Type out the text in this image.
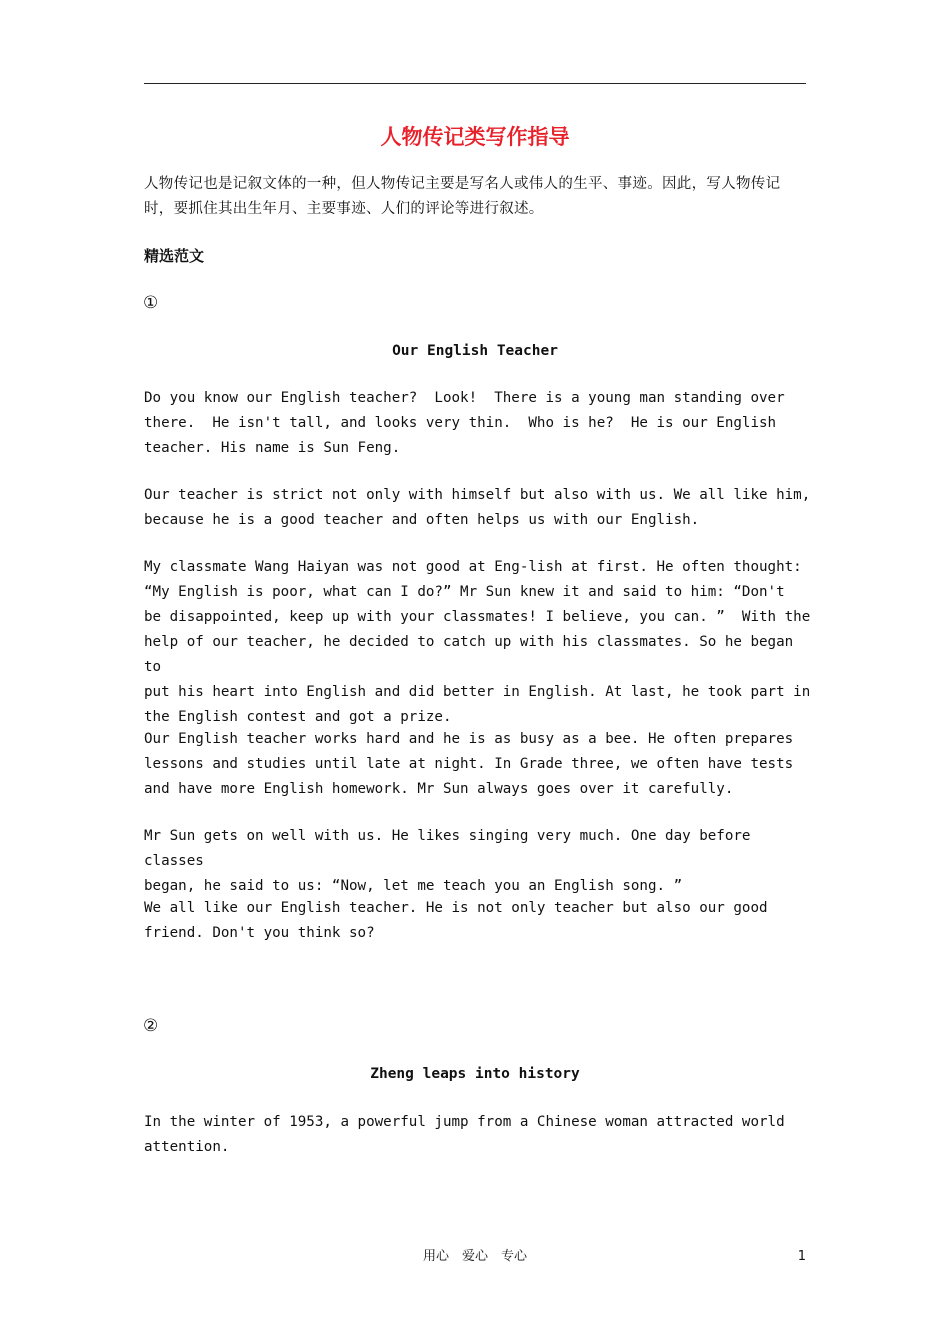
人物传记类写作指导

人物传记也是记叙文体的一种，但人物传记主要是写名人或伟人的生平、事迹。因此，写人物传记时，要抓住其出生年月、主要事迹、人们的评论等进行叙述。

精选范文
①
Our English Teacher

Do you know our English teacher?  Look!  There is a young man standing over
there.  He isn't tall, and looks very thin.  Who is he?  He is our English
teacher. His name is Sun Feng.

Our teacher is strict not only with himself but also with us. We all like him,
because he is a good teacher and often helps us with our English.

My classmate Wang Haiyan was not good at Eng-lish at first. He often thought:
“My English is poor, what can I do?” Mr Sun knew it and said to him: “Don't
be disappointed, keep up with your classmates! I believe, you can. ”  With the
help of our teacher, he decided to catch up with his classmates. So he began to
put his heart into English and did better in English. At last, he took part in
the English contest and got a prize.

Our English teacher works hard and he is as busy as a bee. He often prepares
lessons and studies until late at night. In Grade three, we often have tests
and have more English homework. Mr Sun always goes over it carefully.

Mr Sun gets on well with us. He likes singing very much. One day before classes
began, he said to us: “Now, let me teach you an English song. ”

We all like our English teacher. He is not only teacher but also our good
friend. Don't you think so?

②
Zheng leaps into history

In the winter of 1953, a powerful jump from a Chinese woman attracted world
attention.

用心　爱心　专心	1
